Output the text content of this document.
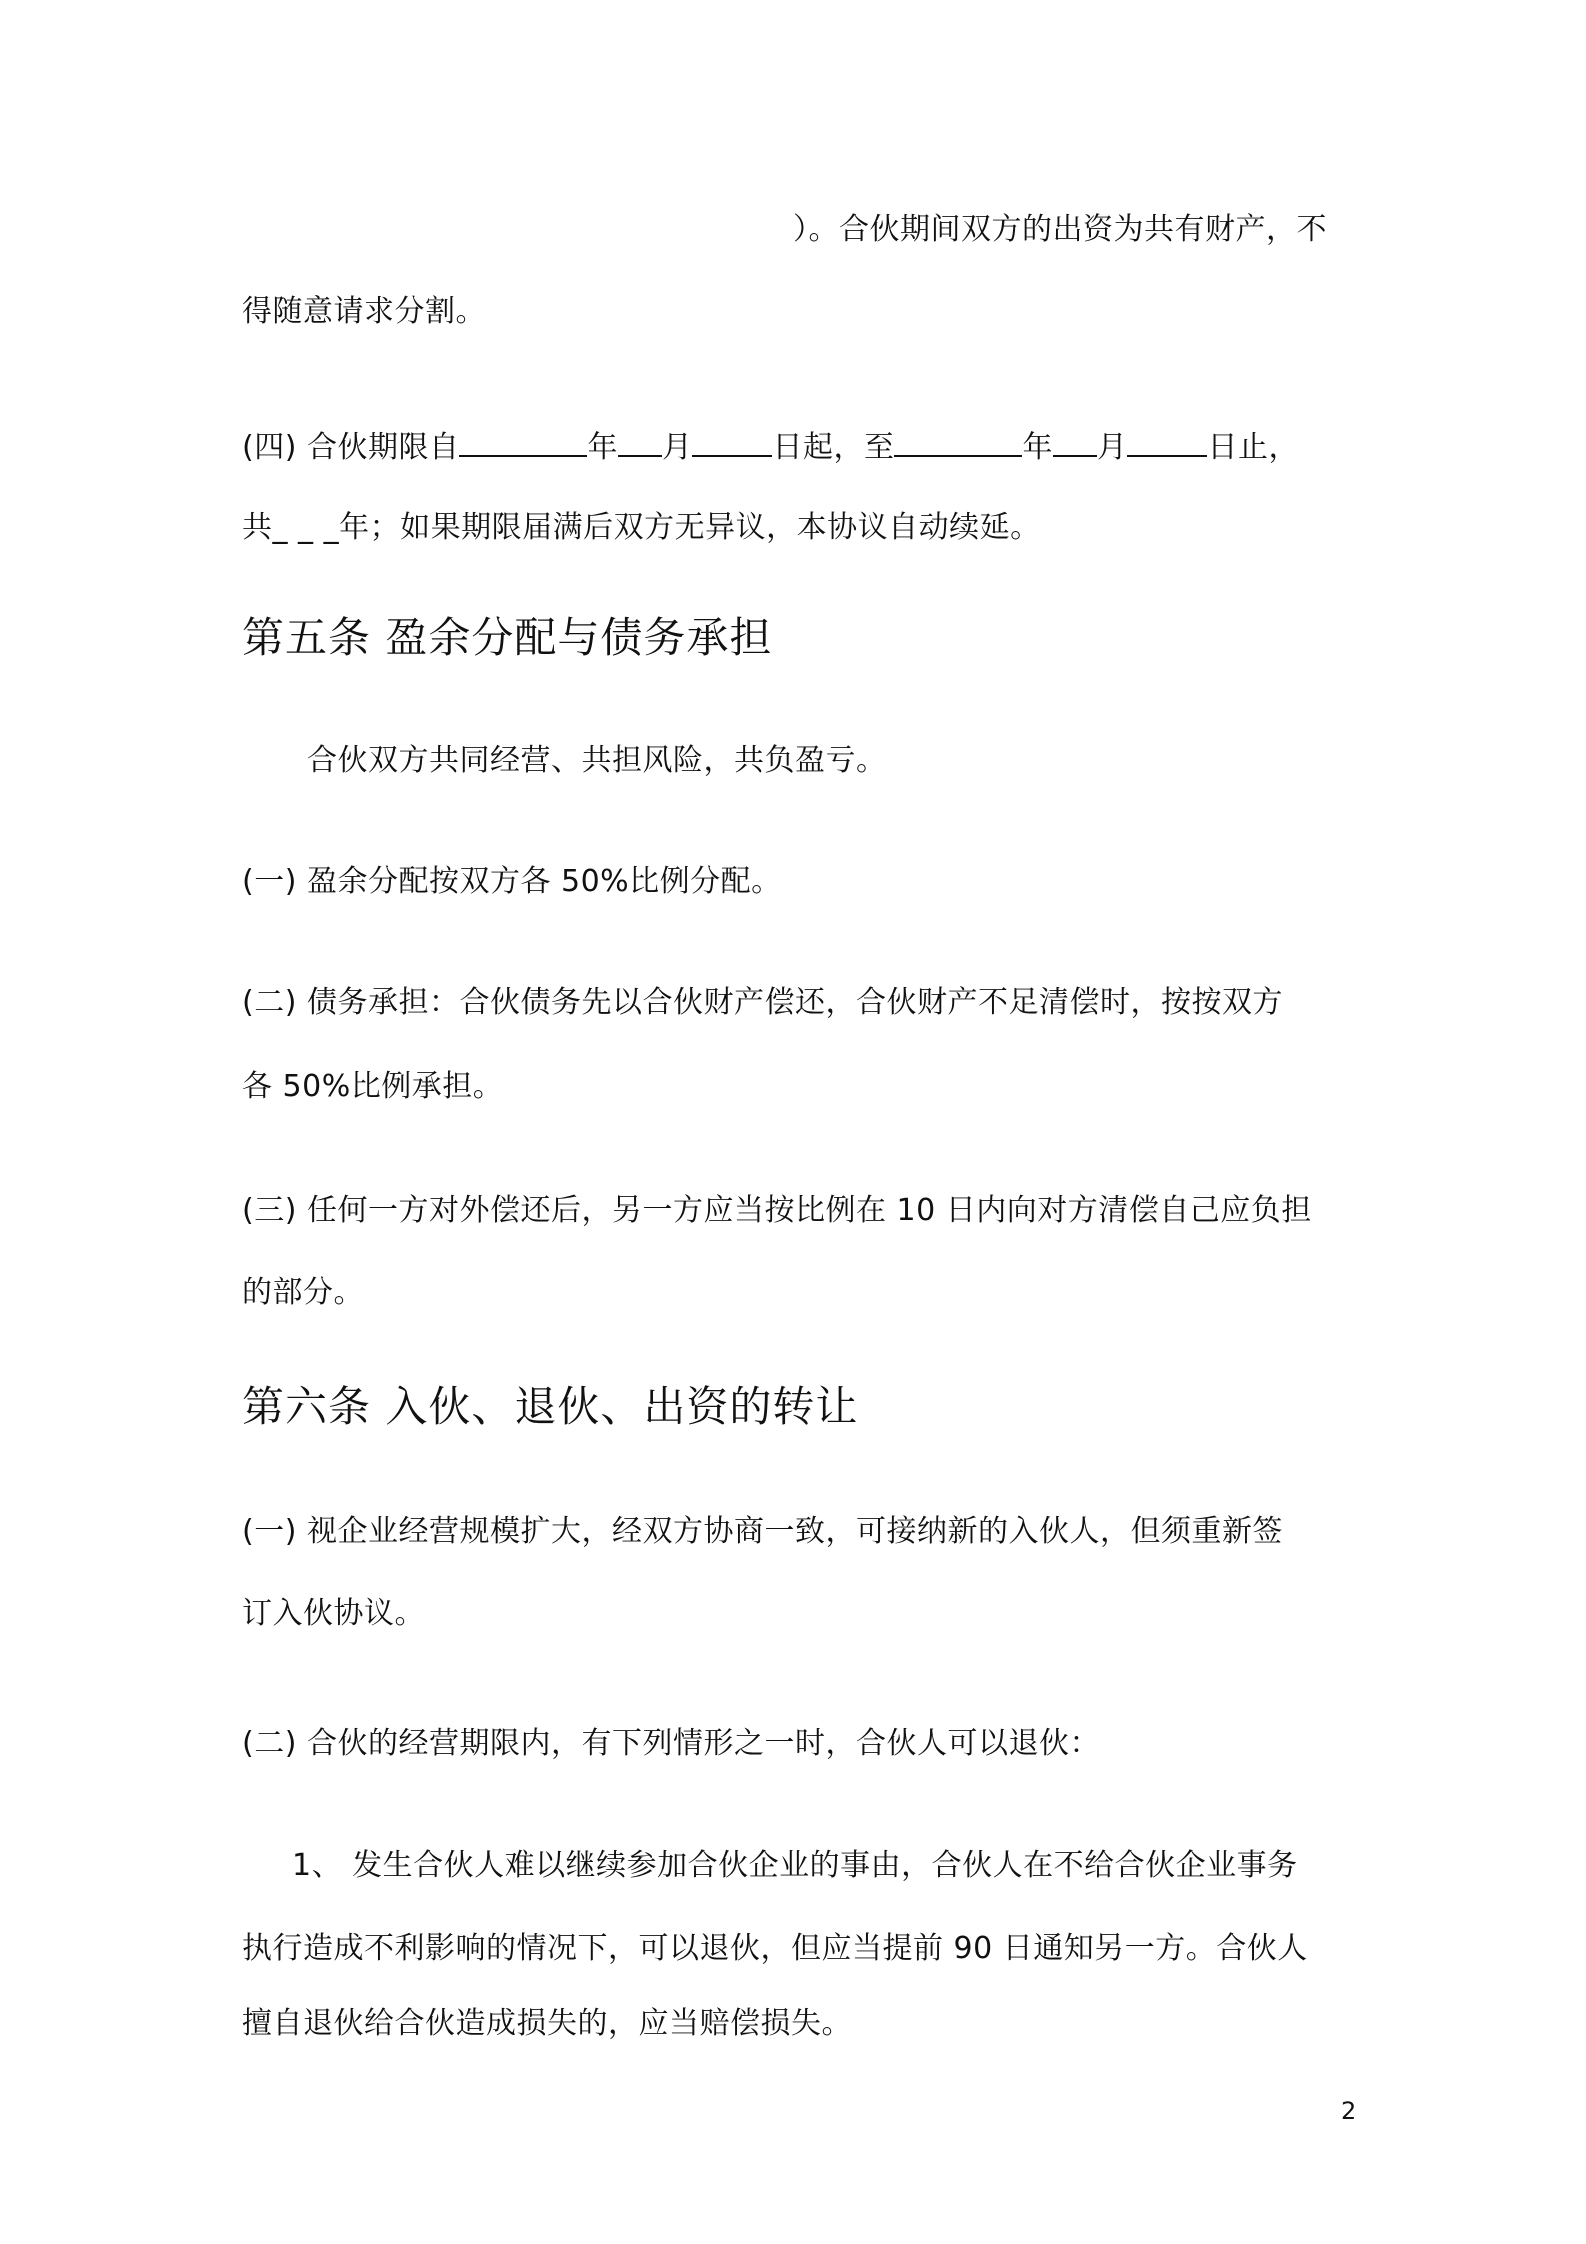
）。合伙期间双方的出资为共有财产，不
得随意请求分割。
(四) 合伙期限自	年 月	日起，至	年 月	日止，
共_ _ _年；如果期限届满后双方无异议，本协议自动续延。
第五条 盈余分配与债务承担
合伙双方共同经营、共担风险，共负盈亏。
(一) 盈余分配按双方各 50%比例分配。
(二) 债务承担：合伙债务先以合伙财产偿还，合伙财产不足清偿时，按按双方
各 50%比例承担。
(三) 任何一方对外偿还后，另一方应当按比例在 10 日内向对方清偿自己应负担
的部分。
第六条 入伙、退伙、出资的转让
(一) 视企业经营规模扩大，经双方协商一致，可接纳新的入伙人，但须重新签
订入伙协议。
(二) 合伙的经营期限内，有下列情形之一时，合伙人可以退伙：
1、 发生合伙人难以继续参加合伙企业的事由，合伙人在不给合伙企业事务
执行造成不利影响的情况下，可以退伙，但应当提前 90 日通知另一方。合伙人
擅自退伙给合伙造成损失的，应当赔偿损失。
2
